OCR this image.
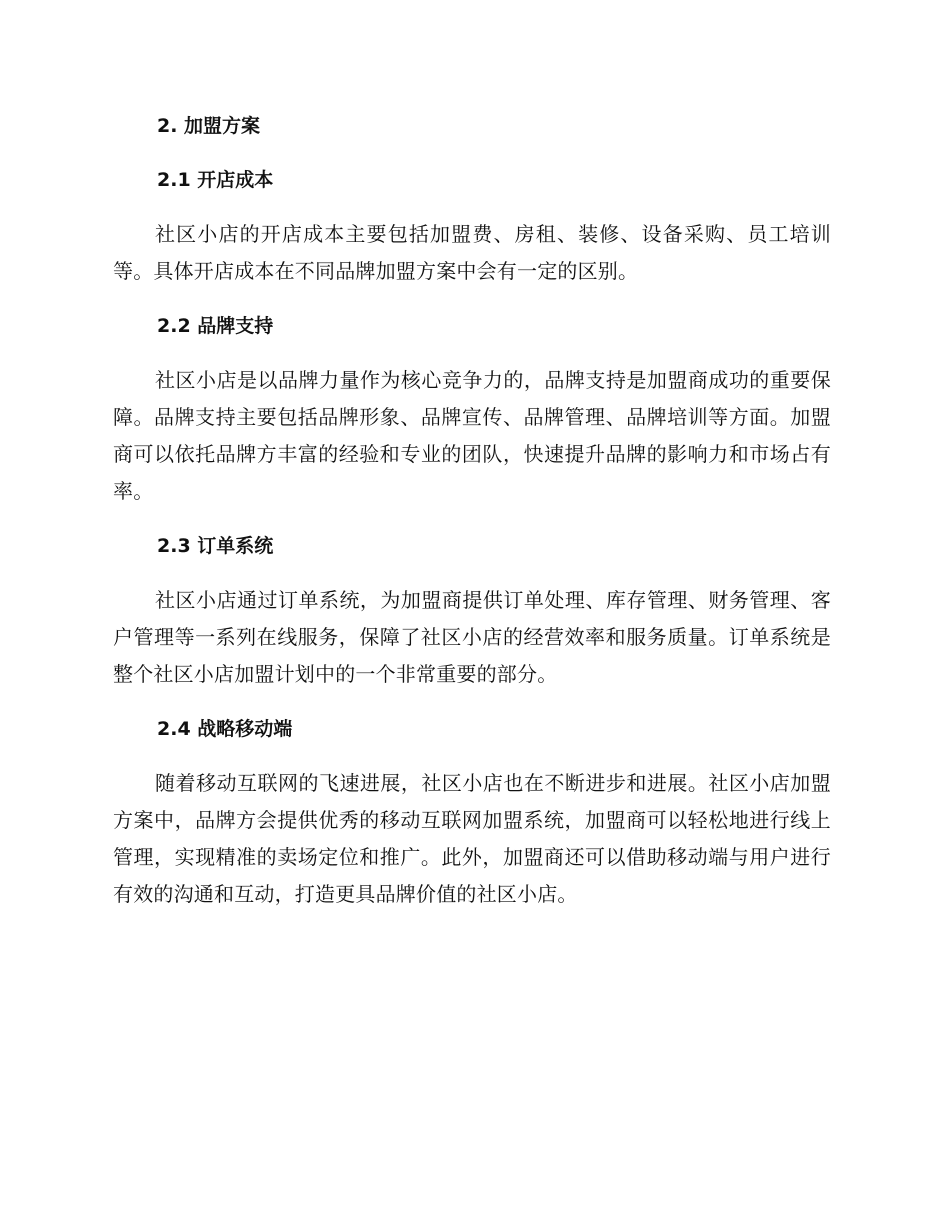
2. 加盟方案
2.1 开店成本

社区小店的开店成本主要包括加盟费、房租、装修、设备采购、员工培训等。具体开店成本在不同品牌加盟方案中会有一定的区别。

2.2 品牌支持

社区小店是以品牌力量作为核心竞争力的，品牌支持是加盟商成功的重要保障。品牌支持主要包括品牌形象、品牌宣传、品牌管理、品牌培训等方面。加盟商可以依托品牌方丰富的经验和专业的团队，快速提升品牌的影响力和市场占有率。

2.3 订单系统

社区小店通过订单系统，为加盟商提供订单处理、库存管理、财务管理、客户管理等一系列在线服务，保障了社区小店的经营效率和服务质量。订单系统是整个社区小店加盟计划中的一个非常重要的部分。

2.4 战略移动端

随着移动互联网的飞速进展，社区小店也在不断进步和进展。社区小店加盟方案中，品牌方会提供优秀的移动互联网加盟系统，加盟商可以轻松地进行线上管理，实现精准的卖场定位和推广。此外，加盟商还可以借助移动端与用户进行有效的沟通和互动，打造更具品牌价值的社区小店。
